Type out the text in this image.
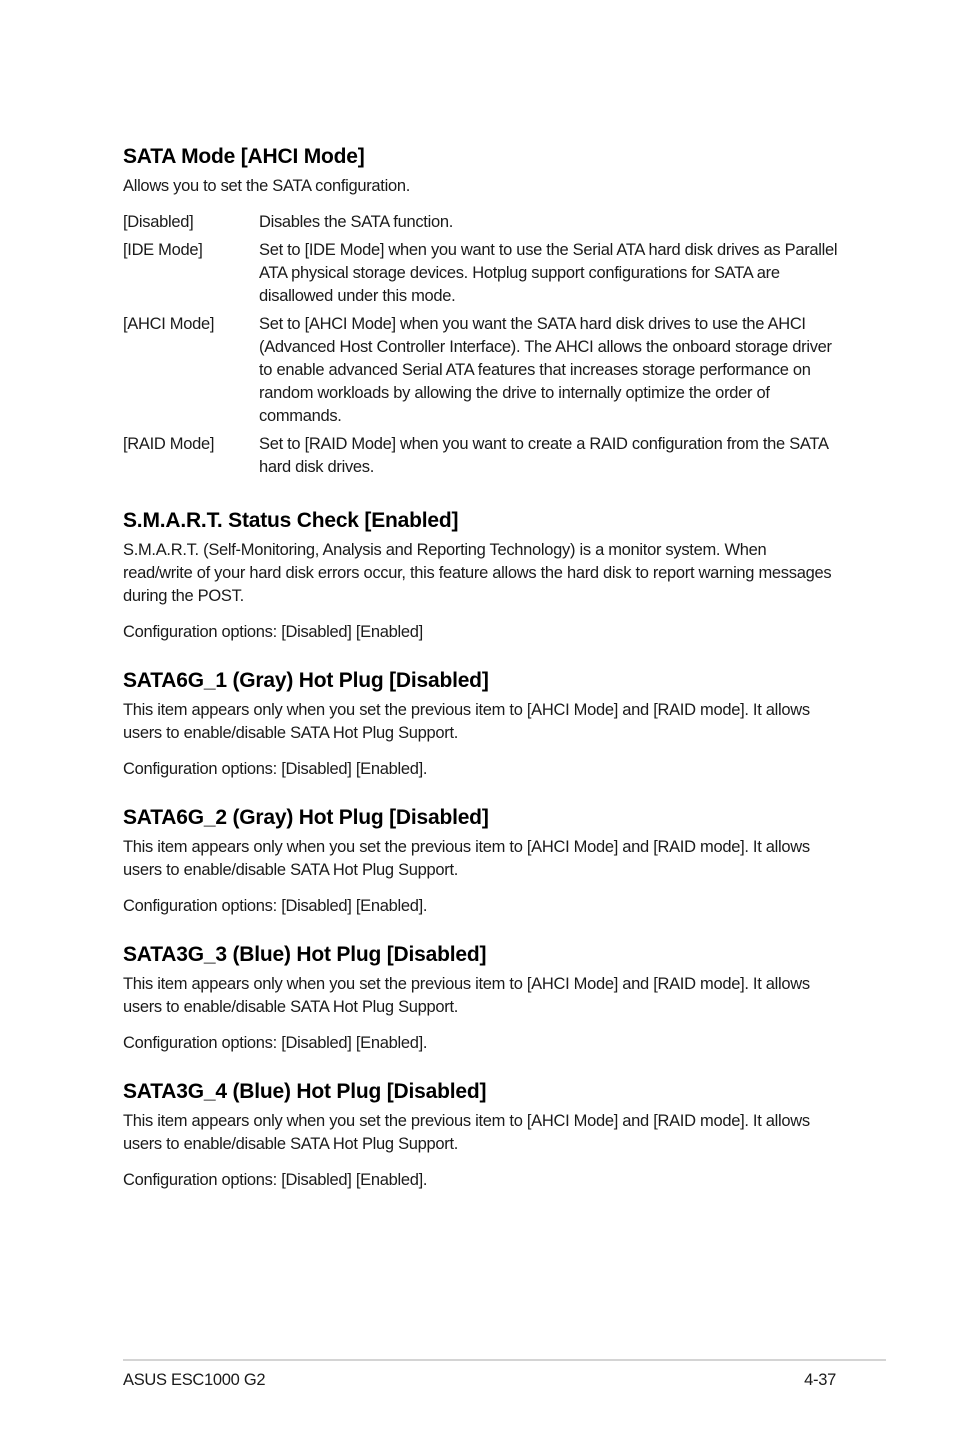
SATA Mode [AHCI Mode]

Allows you to set the SATA configuration.

[Disabled]	Disables the SATA function.
[IDE Mode]	Set to [IDE Mode] when you want to use the Serial ATA hard disk drives as Parallel ATA physical storage devices. Hotplug support configurations for SATA are disallowed under this mode.
[AHCI Mode]	Set to [AHCI Mode] when you want the SATA hard disk drives to use the AHCI (Advanced Host Controller Interface). The AHCI allows the onboard storage driver to enable advanced Serial ATA features that increases storage performance on random workloads by allowing the drive to internally optimize the order of commands.
[RAID Mode]	Set to [RAID Mode] when you want to create a RAID configuration from the SATA hard disk drives.
S.M.A.R.T. Status Check [Enabled]

S.M.A.R.T. (Self-Monitoring, Analysis and Reporting Technology) is a monitor system. When read/write of your hard disk errors occur, this feature allows the hard disk to report warning messages during the POST.

Configuration options: [Disabled] [Enabled]

SATA6G_1 (Gray) Hot Plug [Disabled]

This item appears only when you set the previous item to [AHCI Mode] and [RAID mode]. It allows users to enable/disable SATA Hot Plug Support.

Configuration options: [Disabled] [Enabled].

SATA6G_2 (Gray) Hot Plug [Disabled]

This item appears only when you set the previous item to [AHCI Mode] and [RAID mode]. It allows users to enable/disable SATA Hot Plug Support.

Configuration options: [Disabled] [Enabled].

SATA3G_3 (Blue) Hot Plug [Disabled]

This item appears only when you set the previous item to [AHCI Mode] and [RAID mode]. It allows users to enable/disable SATA Hot Plug Support.

Configuration options: [Disabled] [Enabled].

SATA3G_4 (Blue) Hot Plug [Disabled]

This item appears only when you set the previous item to [AHCI Mode] and [RAID mode]. It allows users to enable/disable SATA Hot Plug Support.

Configuration options: [Disabled] [Enabled].

ASUS ESC1000 G2	4-37
